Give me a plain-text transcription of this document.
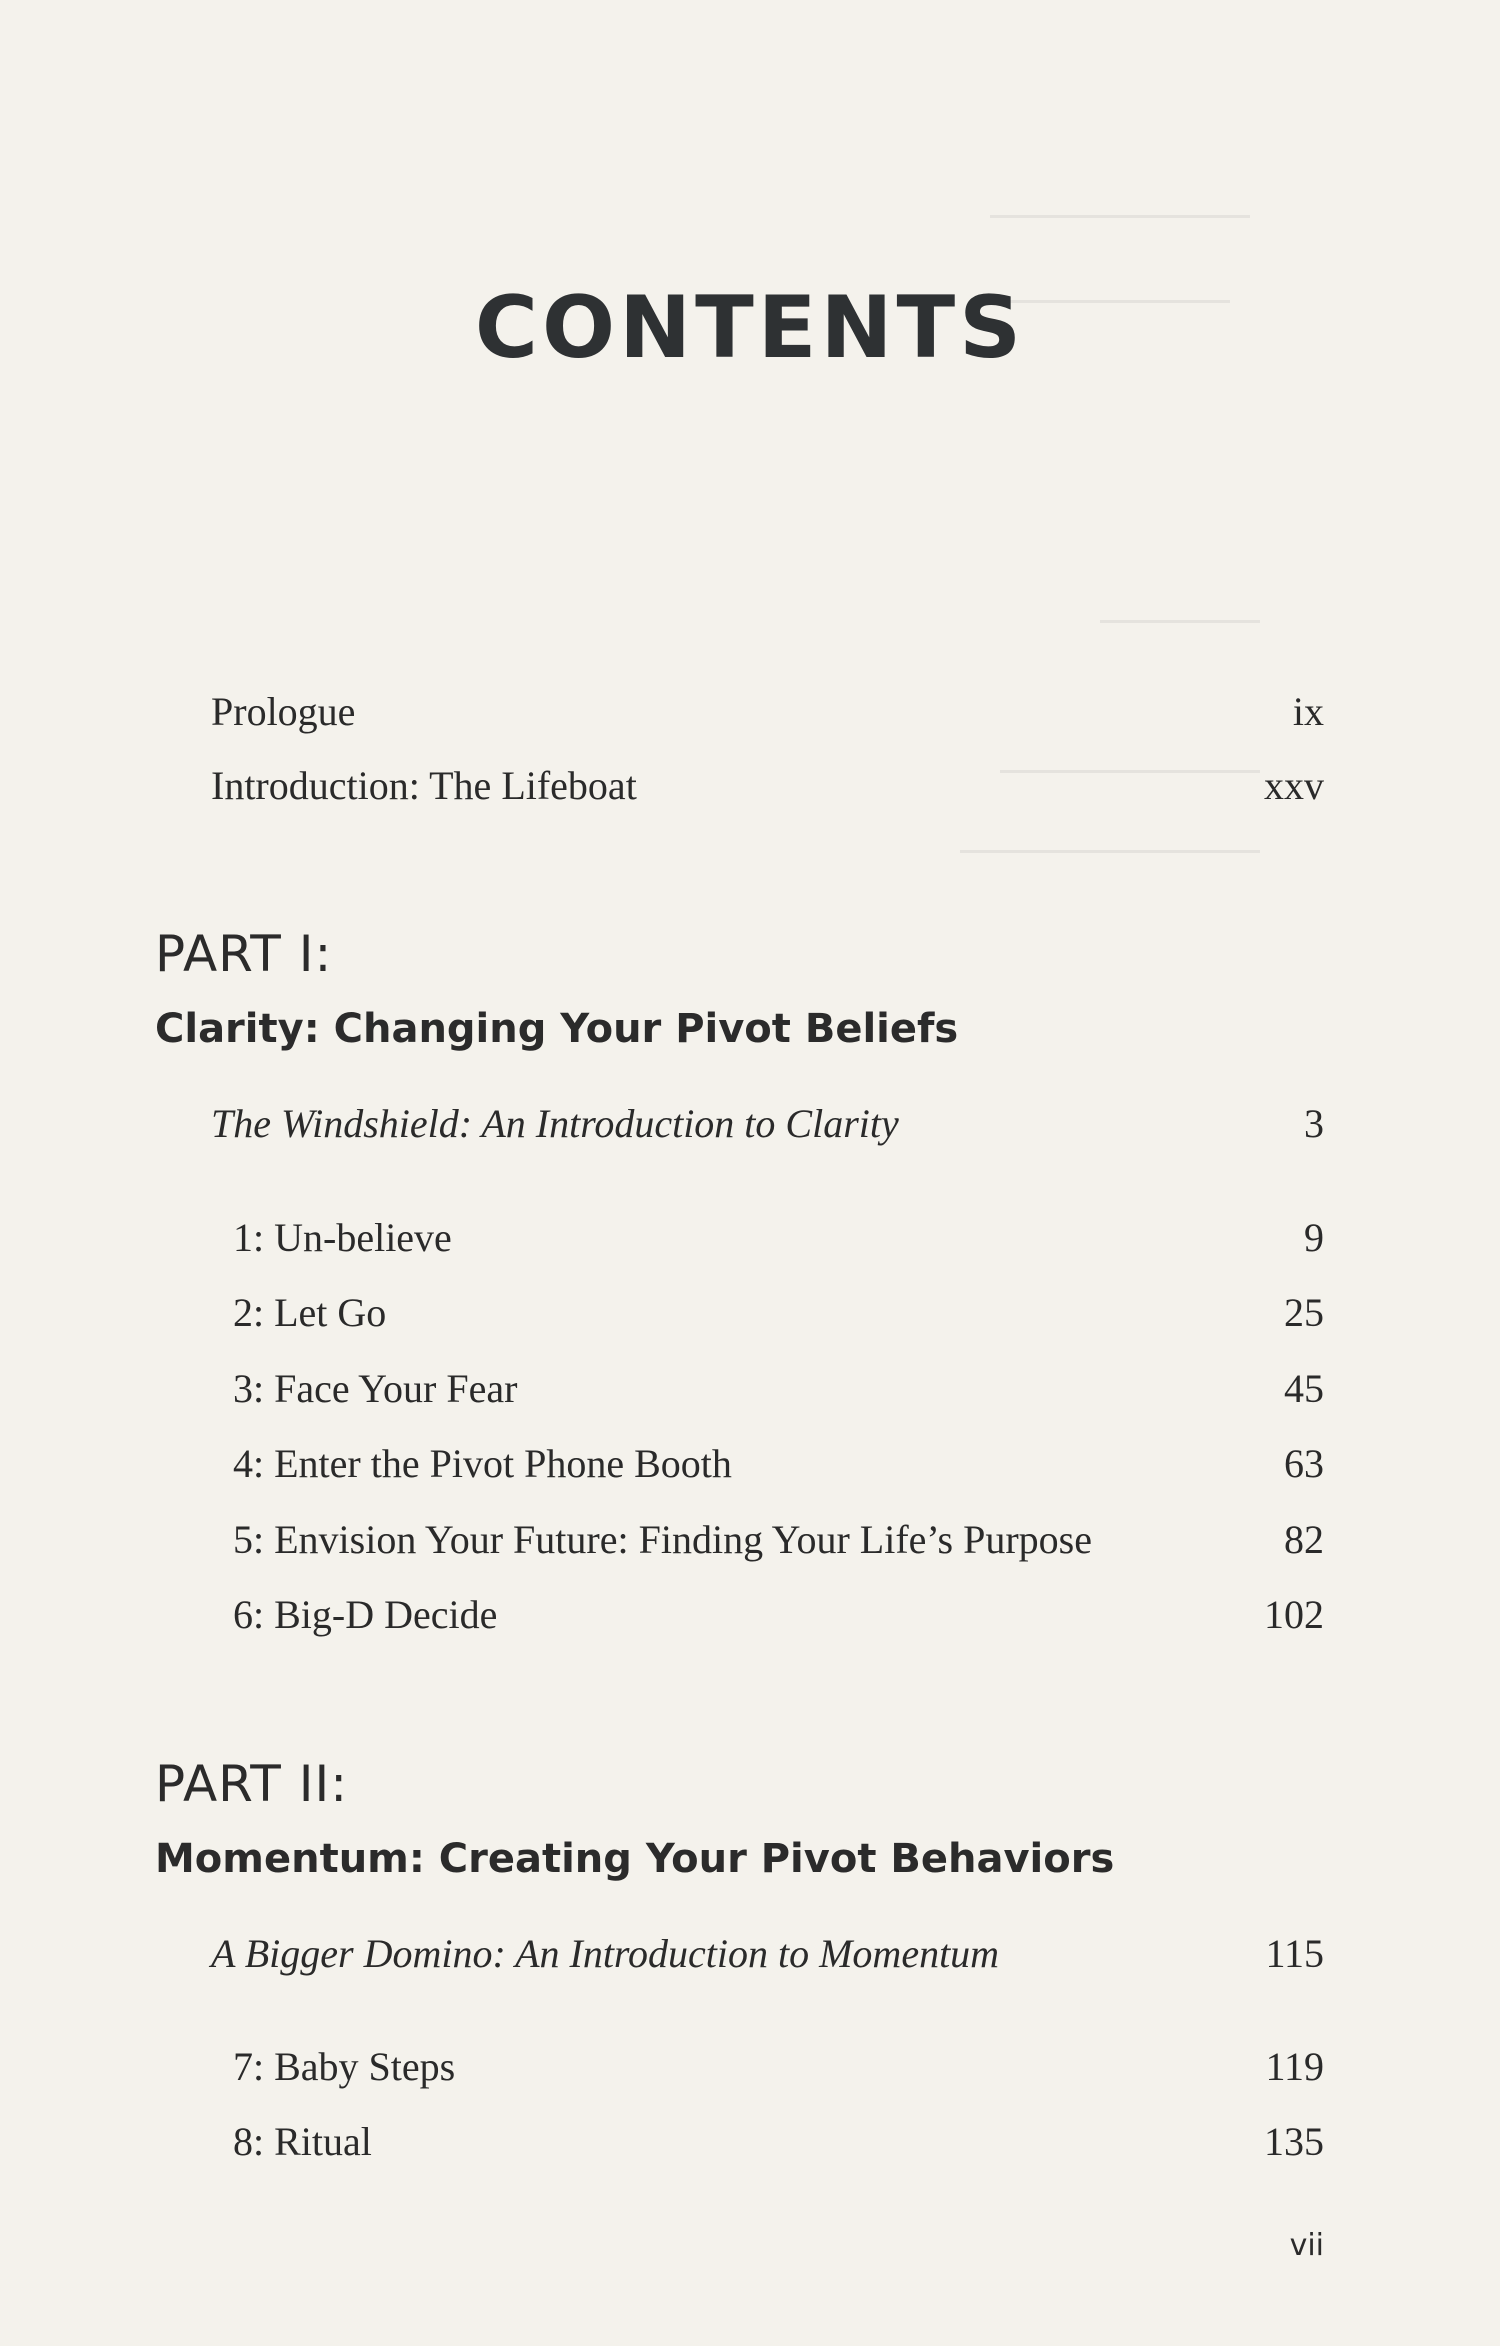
CONTENTS
Prologue	ix
Introduction: The Lifeboat	xxv
PART I:
Clarity: Changing Your Pivot Beliefs
The Windshield: An Introduction to Clarity	3
1: Un-believe	9
2: Let Go	25
3: Face Your Fear	45
4: Enter the Pivot Phone Booth	63
5: Envision Your Future: Finding Your Life’s Purpose	82
6: Big-D Decide	102
PART II:
Momentum: Creating Your Pivot Behaviors
A Bigger Domino: An Introduction to Momentum	115
7: Baby Steps	119
8: Ritual	135
vii
